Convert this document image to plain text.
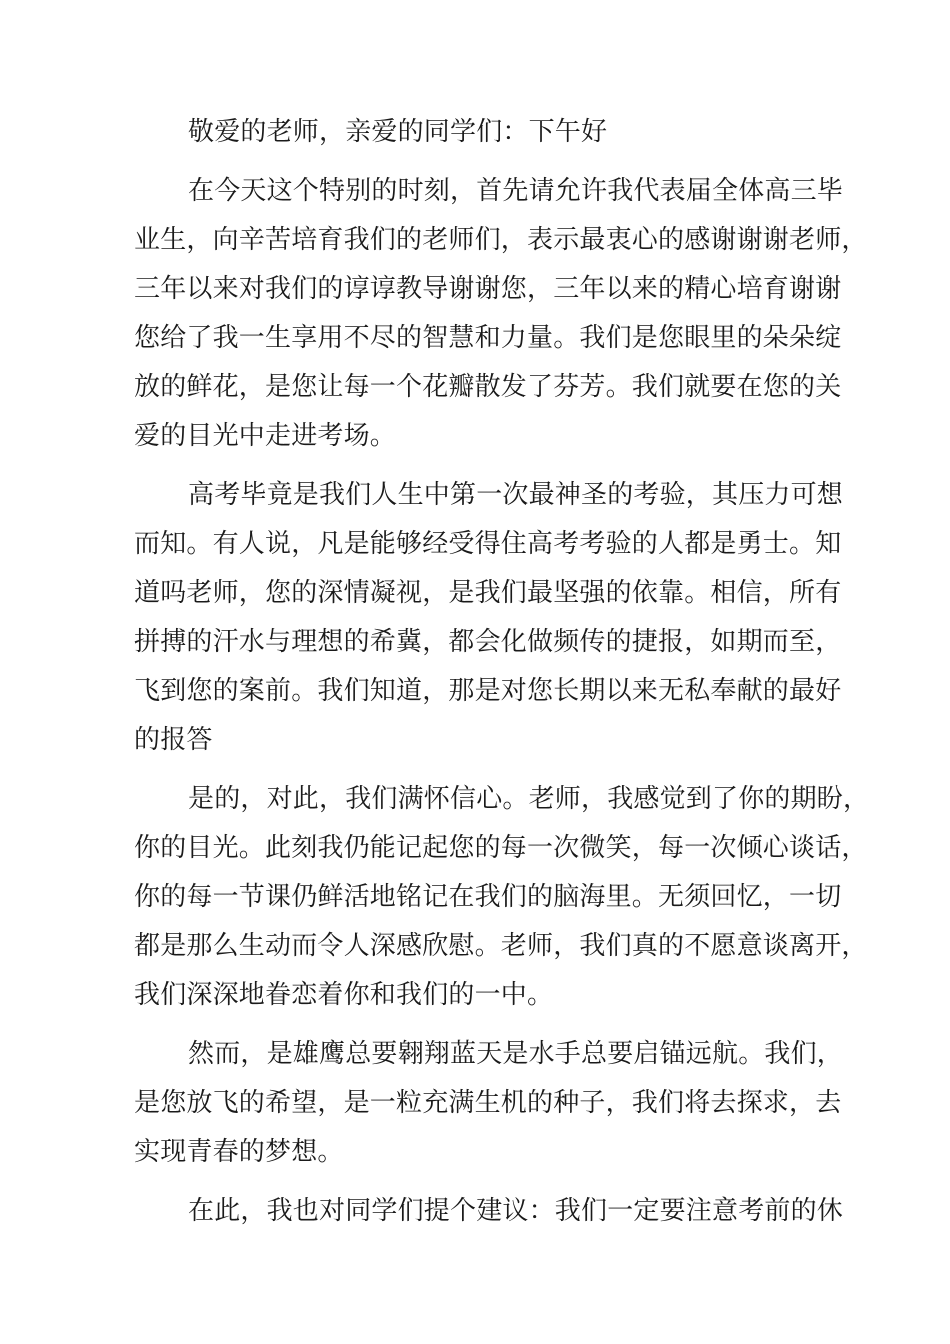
敬爱的老师，亲爱的同学们：下午好
在今天这个特别的时刻，首先请允许我代表届全体高三毕
业生，向辛苦培育我们的老师们，表示最衷心的感谢谢谢老师，
三年以来对我们的谆谆教导谢谢您，三年以来的精心培育谢谢
您给了我一生享用不尽的智慧和力量。我们是您眼里的朵朵绽
放的鲜花，是您让每一个花瓣散发了芬芳。我们就要在您的关
爱的目光中走进考场。
高考毕竟是我们人生中第一次最神圣的考验，其压力可想
而知。有人说，凡是能够经受得住高考考验的人都是勇士。知
道吗老师，您的深情凝视，是我们最坚强的依靠。相信，所有
拼搏的汗水与理想的希冀，都会化做频传的捷报，如期而至，
飞到您的案前。我们知道，那是对您长期以来无私奉献的最好
的报答
是的，对此，我们满怀信心。老师，我感觉到了你的期盼，
你的目光。此刻我仍能记起您的每一次微笑，每一次倾心谈话，
你的每一节课仍鲜活地铭记在我们的脑海里。无须回忆，一切
都是那么生动而令人深感欣慰。老师，我们真的不愿意谈离开，
我们深深地眷恋着你和我们的一中。
然而，是雄鹰总要翱翔蓝天是水手总要启锚远航。我们，
是您放飞的希望，是一粒充满生机的种子，我们将去探求，去
实现青春的梦想。
在此，我也对同学们提个建议：我们一定要注意考前的休
